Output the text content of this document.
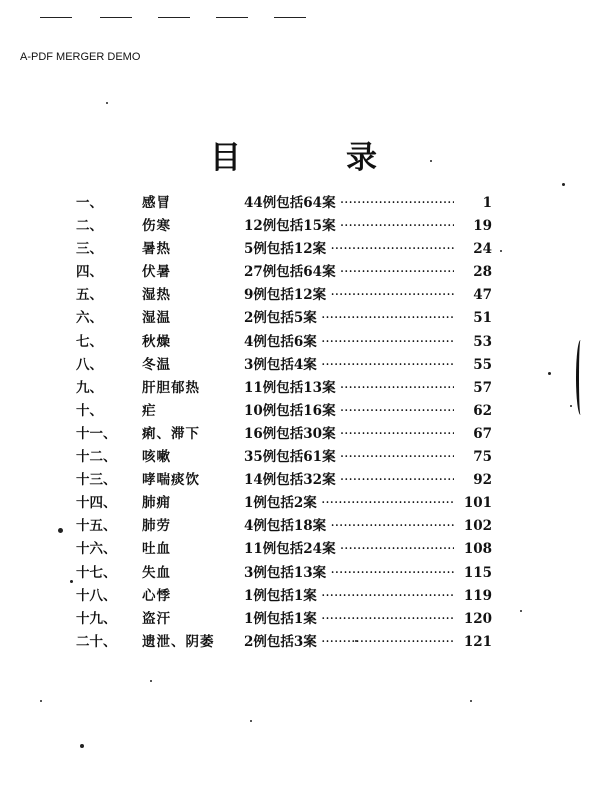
A-PDF MERGER DEMO
目	录
一、	感冒	44例包括64案 ·····	1
二、	伤寒	12例包括15案 ·····	19
三、	暑热	5例包括12案 ·····	24
四、	伏暑	27例包括64案 ·····	28
五、	湿热	9例包括12案 ·····	47
六、	湿温	2例包括5案 ·····	51
七、	秋燥	4例包括6案 ·····	53
八、	冬温	3例包括4案 ·····	55
九、	肝胆郁热	11例包括13案 ·····	57
十、	疟	10例包括16案 ·····	62
十一、 痢、滞下	16例包括30案 ·····	67
十二、 咳嗽	35例包括61案 ·····	75
十三、 哮喘痰饮	14例包括32案 ·····	92
十四、 肺痈	1例包括2案 ·····	101
十五、 肺劳	4例包括18案 ·····	102
十六、 吐血	11例包括24案 ·····	108
十七、 失血	3例包括13案 ·····	115
十八、 心悸	1例包括1案 ·····	119
十九、 盗汗	1例包括1案 ·····	120
二十、 遗泄、阴萎	2例包括3案 ·····	121
